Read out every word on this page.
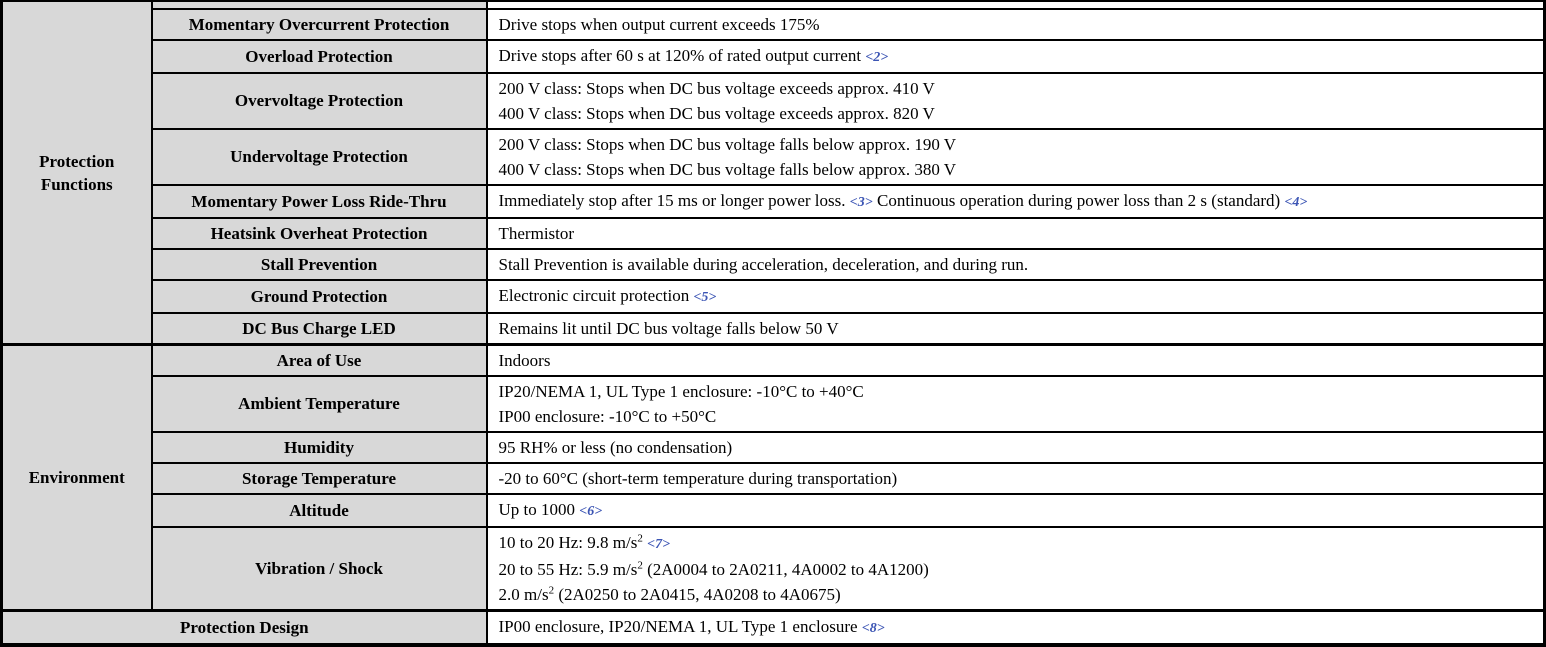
Protection Functions		
	Momentary Overcurrent Protection	Drive stops when output current exceeds 175%

	Overload Protection	Drive stops after 60 s at 120% of rated output current <2>

	Overvoltage Protection	200 V class: Stops when DC bus voltage exceeds approx. 410 V
400 V class: Stops when DC bus voltage exceeds approx. 820 V

	Undervoltage Protection	200 V class: Stops when DC bus voltage falls below approx. 190 V
400 V class: Stops when DC bus voltage falls below approx. 380 V

	Momentary Power Loss Ride-Thru	Immediately stop after 15 ms or longer power loss. <3> Continuous operation during power loss than 2 s (standard) <4>

	Heatsink Overheat Protection	Thermistor

	Stall Prevention	Stall Prevention is available during acceleration, deceleration, and during run.

	Ground Protection	Electronic circuit protection <5>

	DC Bus Charge LED	Remains lit until DC bus voltage falls below 50 V

Environment	Area of Use	Indoors

	Ambient Temperature	IP20/NEMA 1, UL Type 1 enclosure: -10°C to +40°C
IP00 enclosure: -10°C to +50°C

	Humidity	95 RH% or less (no condensation)

	Storage Temperature	-20 to 60°C (short-term temperature during transportation)

	Altitude	Up to 1000 <6>

	Vibration / Shock	10 to 20 Hz: 9.8 $m/s^2 <7>$
20 to 55 Hz: 5.9 $m/s^2$ (2A0004 to 2A0211, 4A0002 to 4A1200)
2.0 $m/s^2$ (2A0250 to 2A0415, 4A0208 to 4A0675)

Protection Design		IP00 enclosure, IP20/NEMA 1, UL Type 1 enclosure <8>
